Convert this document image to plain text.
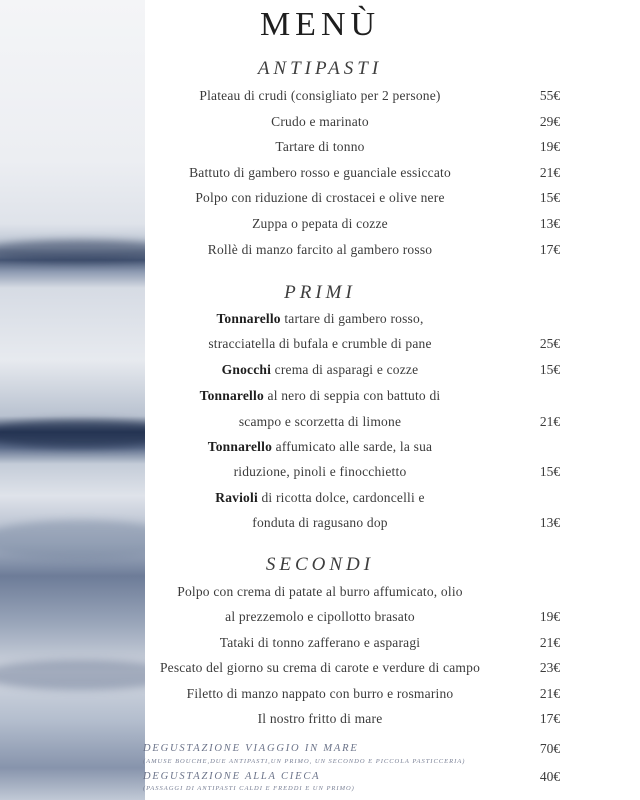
MENÙ
ANTIPASTI
Plateau di crudi (consigliato per 2 persone)	55€
Crudo e marinato	29€
Tartare di tonno	19€
Battuto di gambero rosso e guanciale essiccato	21€
Polpo con riduzione di crostacei e olive nere	15€
Zuppa o pepata di cozze	13€
Rollè di manzo farcito al gambero rosso	17€
PRIMI
Tonnarello tartare di gambero rosso,
stracciatella di bufala e crumble di pane	25€
Gnocchi crema di asparagi e cozze	15€
Tonnarello al nero di seppia con battuto di
scampo e scorzetta di limone	21€
Tonnarello affumicato alle sarde, la sua
riduzione, pinoli e finocchietto	15€
Ravioli di ricotta dolce, cardoncelli e
fonduta di ragusano dop	13€
SECONDI
Polpo con crema di patate al burro affumicato, olio
al prezzemolo e cipollotto brasato	19€
Tataki di tonno zafferano e asparagi	21€
Pescato del giorno su crema di carote e verdure di campo	23€
Filetto di manzo nappato con burro e rosmarino	21€
Il nostro fritto di mare	17€
DEGUSTAZIONE VIAGGIO IN MARE
(AMUSE BOUCHE,DUE ANTIPASTI,UN PRIMO, UN SECONDO E PICCOLA PASTICCERIA)
70€
DEGUSTAZIONE ALLA CIECA
(PASSAGGI DI ANTIPASTI CALDI E FREDDI E UN PRIMO)
40€
